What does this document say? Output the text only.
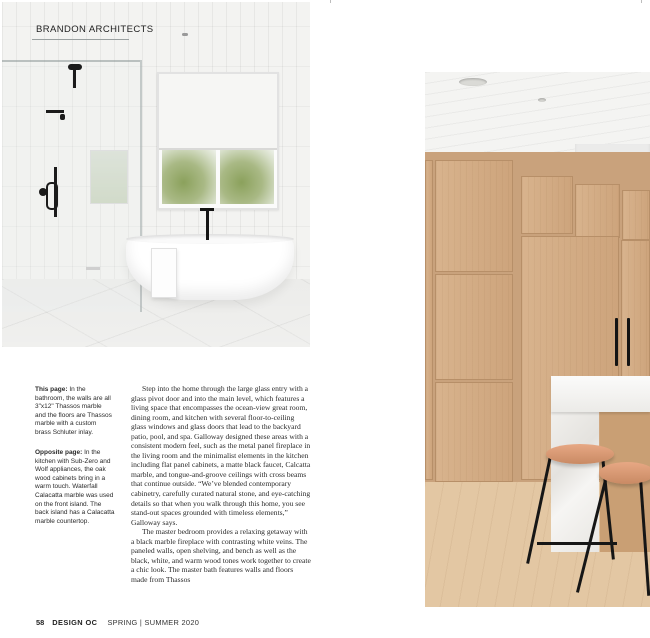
BRANDON ARCHITECTS
This page: In the bathroom, the walls are all 3"x12" Thassos marble and the floors are Thassos marble with a custom brass Schluter inlay.
Opposite page: In the kitchen with Sub-Zero and Wolf appliances, the oak wood cabinets bring in a warm touch. Waterfall Calacatta marble was used on the front island. The back island has a Calacatta marble countertop.

Step into the home through the large glass entry with a glass pivot door and into the main level, which features a living space that encompasses the ocean-view great room, dining room, and kitchen with several floor-to-ceiling glass windows and glass doors that lead to the backyard patio, pool, and spa. Galloway designed these areas with a consistent modern feel, such as the metal panel fireplace in the living room and the minimalist elements in the kitchen including flat panel cabinets, a matte black faucet, Calcatta marble, and tongue-and-groove ceilings with cross beams that continue outside. “We’ve blended contemporary cabinetry, carefully curated natural stone, and eye-catching details so that when you walk through this home, you see stand-out spaces grounded with timeless elements,” Galloway says.

The master bedroom provides a relaxing getaway with a black marble fireplace with contrasting white veins. The paneled walls, open shelving, and bench as well as the black, white, and warm wood tones work together to create a chic look. The master bath features walls and floors made from Thassos

58 DESIGN OC SPRING | SUMMER 2020
